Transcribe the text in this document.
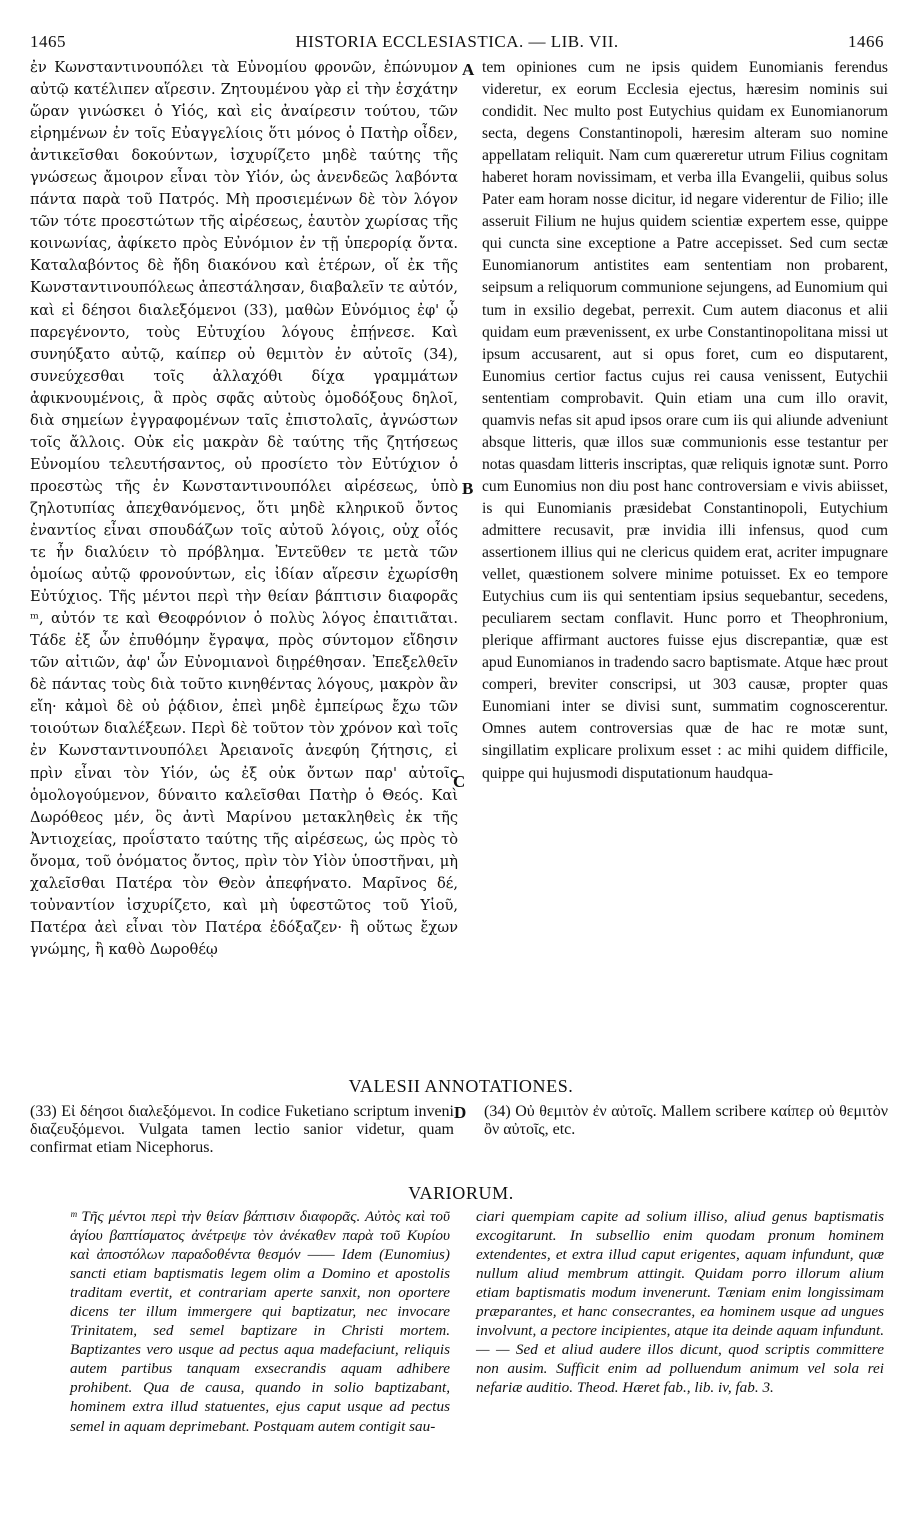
1465	HISTORIA ECCLESIASTICA. — LIB. VII.	1466

ἐν Κωνσταντινουπόλει τὰ Εὐνομίου φρονῶν, ἐπώνυμον αὐτῷ κατέλιπεν αἵρεσιν. Ζητουμένου γὰρ εἰ τὴν ἐσχάτην ὥραν γινώσκει ὁ Υἱός, καὶ εἰς ἀναίρεσιν τούτου, τῶν εἰρημένων ἐν τοῖς Εὐαγγελίοις ὅτι μόνος ὁ Πατὴρ οἶδεν, ἀντικεῖσθαι δοκούντων, ἰσχυρίζετο μηδὲ ταύτης τῆς γνώσεως ἄμοιρον εἶναι τὸν Υἱόν, ὡς ἀνενδεῶς λαβόντα πάντα παρὰ τοῦ Πατρός. Μὴ προσιεμένων δὲ τὸν λόγον τῶν τότε προεστώτων τῆς αἱρέσεως, ἑαυτὸν χωρίσας τῆς κοινωνίας, ἀφίκετο πρὸς Εὐνόμιον ἐν τῇ ὑπερορίᾳ ὄντα. Καταλαβόντος δὲ ἤδη διακόνου καὶ ἑτέρων, οἵ ἐκ τῆς Κωνσταντινουπόλεως ἀπεστάλησαν, διαβαλεῖν τε αὐτόν, καὶ εἰ δέησοι διαλεξόμενοι (33), μαθὼν Εὐνόμιος ἐφ' ᾧ παρεγένοντο, τοὺς Εὐτυχίου λόγους ἐπῄνεσε. Καὶ συνηύξατο αὐτῷ, καίπερ οὐ θεμιτὸν ἐν αὐτοῖς (34), συνεύχεσθαι τοῖς ἀλλαχόθι δίχα γραμμάτων ἀφικνουμένοις, ἃ πρὸς σφᾶς αὐτοὺς ὁμοδόξους δηλοῖ, διὰ σημείων ἐγγραφομένων ταῖς ἐπιστολαῖς, ἀγνώστων τοῖς ἄλλοις. Οὐκ εἰς μακρὰν δὲ ταύτης τῆς ζητήσεως Εὐνομίου τελευτήσαντος, οὐ προσίετο τὸν Εὐτύχιον ὁ προεστὼς τῆς ἐν Κωνσταντινουπόλει αἱρέσεως, ὑπὸ ζηλοτυπίας ἀπεχθανόμενος, ὅτι μηδὲ κληρικοῦ ὄντος ἐναντίος εἶναι σπουδάζων τοῖς αὐτοῦ λόγοις, οὐχ οἷός τε ἦν διαλύειν τὸ πρόβλημα. Ἐντεῦθεν τε μετὰ τῶν ὁμοίως αὐτῷ φρονούντων, εἰς ἰδίαν αἵρεσιν ἐχωρίσθη Εὐτύχιος. Τῆς μέντοι περὶ τὴν θείαν βάπτισιν διαφορᾶς ᵐ, αὐτόν τε καὶ Θεοφρόνιον ὁ πολὺς λόγος ἐπαιτιᾶται. Τάδε ἐξ ὧν ἐπυθόμην ἔγραψα, πρὸς σύντομον εἴδησιν τῶν αἰτιῶν, ἀφ' ὧν Εὐνομιανοὶ διῃρέθησαν. Ἐπεξελθεῖν δὲ πάντας τοὺς διὰ τοῦτο κινηθέντας λόγους, μακρὸν ἂν εἴη· κἀμοὶ δὲ οὐ ῥᾴδιον, ἐπεὶ μηδὲ ἐμπείρως ἔχω τῶν τοιούτων διαλέξεων. Περὶ δὲ τοῦτον τὸν χρόνον καὶ τοῖς ἐν Κωνσταντινουπόλει Ἀρειανοῖς ἀνεφύη ζήτησις, εἰ πρὶν εἶναι τὸν Υἱόν, ὡς ἐξ οὐκ ὄντων παρ' αὐτοῖς ὁμολογούμενον, δύναιτο καλεῖσθαι Πατὴρ ὁ Θεός. Καὶ Δωρόθεος μέν, ὃς ἀντὶ Μαρίνου μετακληθεὶς ἐκ τῆς Ἀντιοχείας, προΐστατο ταύτης τῆς αἱρέσεως, ὡς πρὸς τὸ ὄνομα, τοῦ ὀνόματος ὄντος, πρὶν τὸν Υἱὸν ὑποστῆναι, μὴ χαλεῖσθαι Πατέρα τὸν Θεὸν ἀπεφήνατο. Μαρῖνος δέ, τοὐναντίον ἰσχυρίζετο, καὶ μὴ ὑφεστῶτος τοῦ Υἱοῦ, Πατέρα ἀεὶ εἶναι τὸν Πατέρα ἐδόξαζεν· ἢ οὕτως ἔχων γνώμης, ἢ καθὸ Δωροθέῳ

A
B
C

tem opiniones cum ne ipsis quidem Eunomianis ferendus videretur, ex eorum Ecclesia ejectus, hæresim nominis sui condidit. Nec multo post Eutychius quidam ex Eunomianorum secta, degens Constantinopoli, hæresim alteram suo nomine appellatam reliquit. Nam cum quæreretur utrum Filius cognitam haberet horam novissimam, et verba illa Evangelii, quibus solus Pater eam horam nosse dicitur, id negare viderentur de Filio; ille asseruit Filium ne hujus quidem scientiæ expertem esse, quippe qui cuncta sine exceptione a Patre accepisset. Sed cum sectæ Eunomianorum antistites eam sententiam non probarent, seipsum a reliquorum communione sejungens, ad Eunomium qui tum in exsilio degebat, perrexit. Cum autem diaconus et alii quidam eum prævenissent, ex urbe Constantinopolitana missi ut ipsum accusarent, aut si opus foret, cum eo disputarent, Eunomius certior factus cujus rei causa venissent, Eutychii sententiam comprobavit. Quin etiam una cum illo oravit, quamvis nefas sit apud ipsos orare cum iis qui aliunde adveniunt absque litteris, quæ illos suæ communionis esse testantur per notas quasdam litteris inscriptas, quæ reliquis ignotæ sunt. Porro cum Eunomius non diu post hanc controversiam e vivis abiisset, is qui Eunomianis præsidebat Constantinopoli, Eutychium admittere recusavit, præ invidia illi infensus, quod cum assertionem illius qui ne clericus quidem erat, acriter impugnare vellet, quæstionem solvere minime potuisset. Ex eo tempore Eutychius cum iis qui sententiam ipsius sequebantur, secedens, peculiarem sectam conflavit. Hunc porro et Theophronium, plerique affirmant auctores fuisse ejus discrepantiæ, quæ est apud Eunomianos in tradendo sacro baptismate. Atque hæc prout comperi, breviter conscripsi, ut 303 causæ, propter quas Eunomiani inter se divisi sunt, summatim cognoscerentur. Omnes autem controversias quæ de hac re motæ sunt, singillatim explicare prolixum esset : ac mihi quidem difficile, quippe qui hujusmodi disputationum haudqua-

VALESII ANNOTATIONES.

(33) Εἰ δέησοι διαλεξόμενοι. In codice Fuketiano scriptum inveni διαζευξόμενοι. Vulgata tamen lectio sanior videtur, quam confirmat etiam Nicephorus.

D (34) Οὐ θεμιτὸν ἐν αὐτοῖς. Mallem scribere καίπερ οὐ θεμιτὸν ὂν αὐτοῖς, etc.

VARIORUM.

ᵐ Τῆς μέντοι περὶ τὴν θείαν βάπτισιν διαφορᾶς. Αὐτὸς καὶ τοῦ ἁγίου βαπτίσματος ἀνέτρεψε τὸν ἀνέκαθεν παρὰ τοῦ Κυρίου καὶ ἀποστόλων παραδοθέντα θεσμόν —— Idem (Eunomius) sancti etiam baptismatis legem olim a Domino et apostolis traditam evertit, et contrariam aperte sanxit, non oportere dicens ter illum immergere qui baptizatur, nec invocare Trinitatem, sed semel baptizare in Christi mortem. Baptizantes vero usque ad pectus aqua madefaciunt, reliquis autem partibus tanquam exsecrandis aquam adhibere prohibent. Qua de causa, quando in solio baptizabant, hominem extra illud statuentes, ejus caput usque ad pectus semel in aquam deprimebant. Postquam autem contigit sau-

ciari quempiam capite ad solium illiso, aliud genus baptismatis excogitarunt. In subsellio enim quodam pronum hominem extendentes, et extra illud caput erigentes, aquam infundunt, quæ nullum aliud membrum attingit. Quidam porro illorum alium etiam baptismatis modum invenerunt. Tæniam enim longissimam præparantes, et hanc consecrantes, ea hominem usque ad ungues involvunt, a pectore incipientes, atque ita deinde aquam infundunt. — — Sed et aliud audere illos dicunt, quod scriptis committere non ausim. Sufficit enim ad polluendum animum vel sola rei nefariæ auditio. Theod. Hæret fab., lib. iv, fab. 3.
